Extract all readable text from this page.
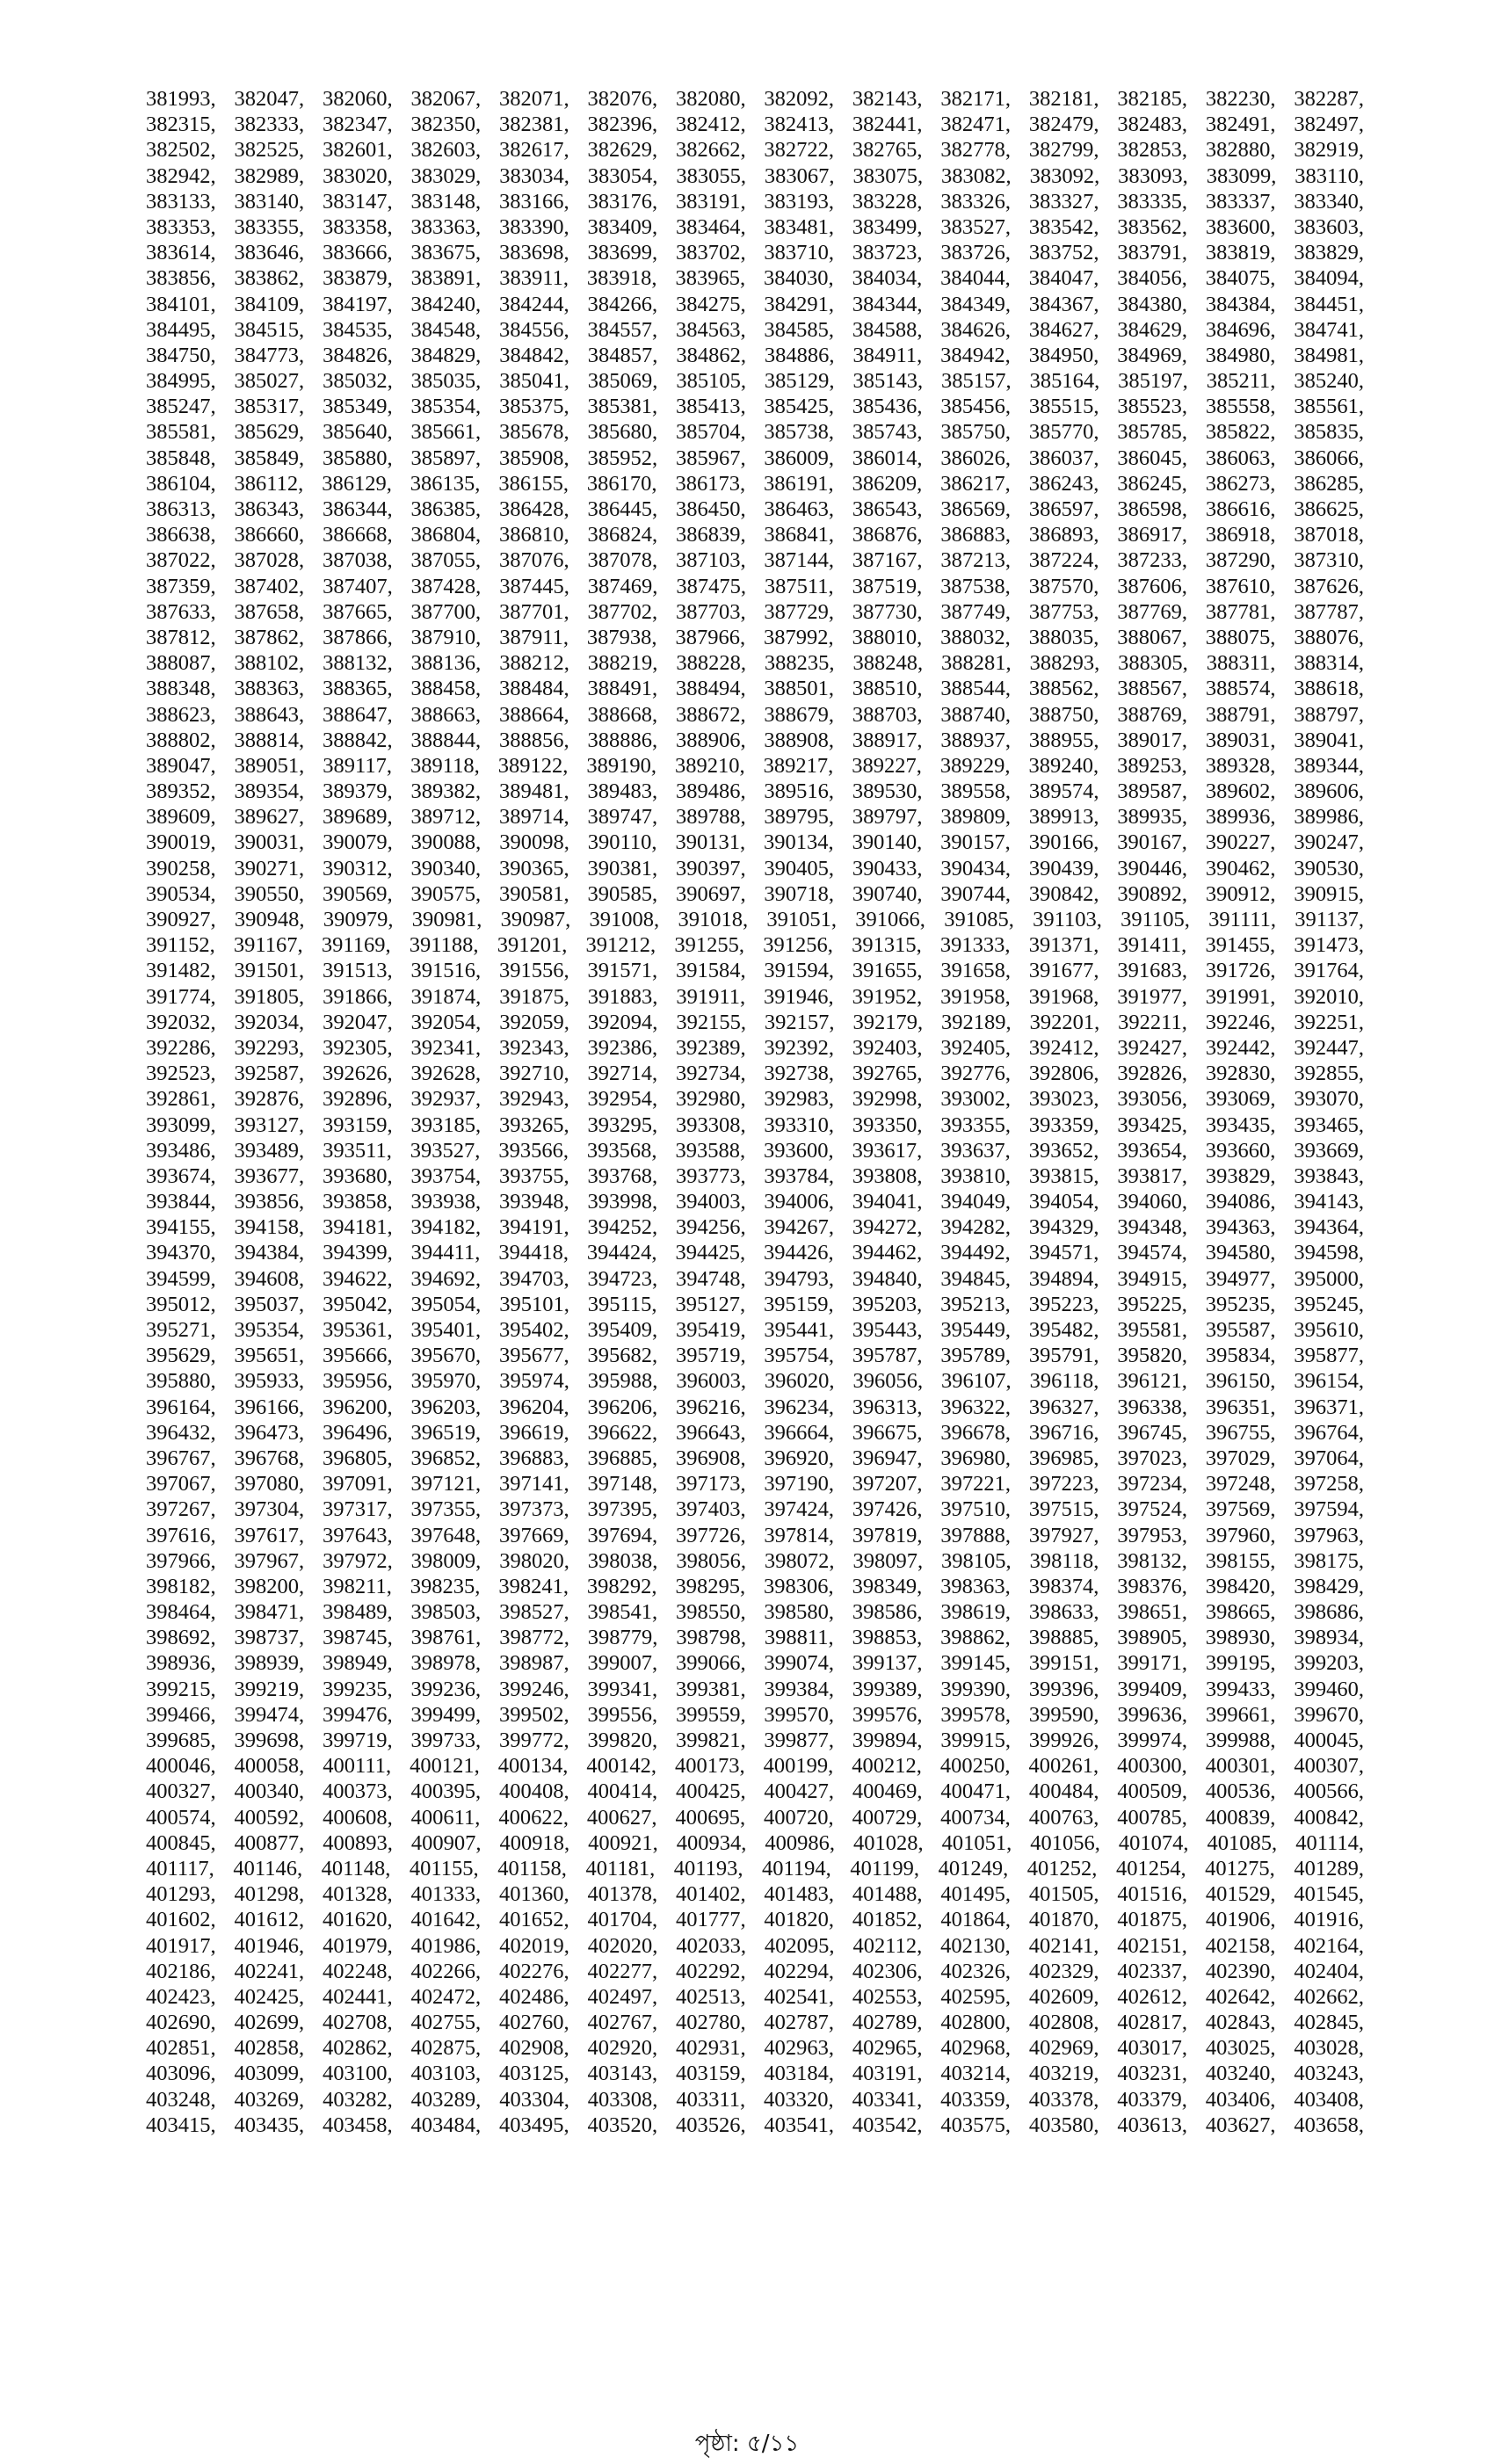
381993, 382047, 382060, 382067, 382071, 382076, 382080, 382092, 382143, 382171, 382181, 382185, 382230, 382287,
382315, 382333, 382347, 382350, 382381, 382396, 382412, 382413, 382441, 382471, 382479, 382483, 382491, 382497,
382502, 382525, 382601, 382603, 382617, 382629, 382662, 382722, 382765, 382778, 382799, 382853, 382880, 382919,
382942, 382989, 383020, 383029, 383034, 383054, 383055, 383067, 383075, 383082, 383092, 383093, 383099, 383110,
383133, 383140, 383147, 383148, 383166, 383176, 383191, 383193, 383228, 383326, 383327, 383335, 383337, 383340,
383353, 383355, 383358, 383363, 383390, 383409, 383464, 383481, 383499, 383527, 383542, 383562, 383600, 383603,
383614, 383646, 383666, 383675, 383698, 383699, 383702, 383710, 383723, 383726, 383752, 383791, 383819, 383829,
383856, 383862, 383879, 383891, 383911, 383918, 383965, 384030, 384034, 384044, 384047, 384056, 384075, 384094,
384101, 384109, 384197, 384240, 384244, 384266, 384275, 384291, 384344, 384349, 384367, 384380, 384384, 384451,
384495, 384515, 384535, 384548, 384556, 384557, 384563, 384585, 384588, 384626, 384627, 384629, 384696, 384741,
384750, 384773, 384826, 384829, 384842, 384857, 384862, 384886, 384911, 384942, 384950, 384969, 384980, 384981,
384995, 385027, 385032, 385035, 385041, 385069, 385105, 385129, 385143, 385157, 385164, 385197, 385211, 385240,
385247, 385317, 385349, 385354, 385375, 385381, 385413, 385425, 385436, 385456, 385515, 385523, 385558, 385561,
385581, 385629, 385640, 385661, 385678, 385680, 385704, 385738, 385743, 385750, 385770, 385785, 385822, 385835,
385848, 385849, 385880, 385897, 385908, 385952, 385967, 386009, 386014, 386026, 386037, 386045, 386063, 386066,
386104, 386112, 386129, 386135, 386155, 386170, 386173, 386191, 386209, 386217, 386243, 386245, 386273, 386285,
386313, 386343, 386344, 386385, 386428, 386445, 386450, 386463, 386543, 386569, 386597, 386598, 386616, 386625,
386638, 386660, 386668, 386804, 386810, 386824, 386839, 386841, 386876, 386883, 386893, 386917, 386918, 387018,
387022, 387028, 387038, 387055, 387076, 387078, 387103, 387144, 387167, 387213, 387224, 387233, 387290, 387310,
387359, 387402, 387407, 387428, 387445, 387469, 387475, 387511, 387519, 387538, 387570, 387606, 387610, 387626,
387633, 387658, 387665, 387700, 387701, 387702, 387703, 387729, 387730, 387749, 387753, 387769, 387781, 387787,
387812, 387862, 387866, 387910, 387911, 387938, 387966, 387992, 388010, 388032, 388035, 388067, 388075, 388076,
388087, 388102, 388132, 388136, 388212, 388219, 388228, 388235, 388248, 388281, 388293, 388305, 388311, 388314,
388348, 388363, 388365, 388458, 388484, 388491, 388494, 388501, 388510, 388544, 388562, 388567, 388574, 388618,
388623, 388643, 388647, 388663, 388664, 388668, 388672, 388679, 388703, 388740, 388750, 388769, 388791, 388797,
388802, 388814, 388842, 388844, 388856, 388886, 388906, 388908, 388917, 388937, 388955, 389017, 389031, 389041,
389047, 389051, 389117, 389118, 389122, 389190, 389210, 389217, 389227, 389229, 389240, 389253, 389328, 389344,
389352, 389354, 389379, 389382, 389481, 389483, 389486, 389516, 389530, 389558, 389574, 389587, 389602, 389606,
389609, 389627, 389689, 389712, 389714, 389747, 389788, 389795, 389797, 389809, 389913, 389935, 389936, 389986,
390019, 390031, 390079, 390088, 390098, 390110, 390131, 390134, 390140, 390157, 390166, 390167, 390227, 390247,
390258, 390271, 390312, 390340, 390365, 390381, 390397, 390405, 390433, 390434, 390439, 390446, 390462, 390530,
390534, 390550, 390569, 390575, 390581, 390585, 390697, 390718, 390740, 390744, 390842, 390892, 390912, 390915,
390927, 390948, 390979, 390981, 390987, 391008, 391018, 391051, 391066, 391085, 391103, 391105, 391111, 391137,
391152, 391167, 391169, 391188, 391201, 391212, 391255, 391256, 391315, 391333, 391371, 391411, 391455, 391473,
391482, 391501, 391513, 391516, 391556, 391571, 391584, 391594, 391655, 391658, 391677, 391683, 391726, 391764,
391774, 391805, 391866, 391874, 391875, 391883, 391911, 391946, 391952, 391958, 391968, 391977, 391991, 392010,
392032, 392034, 392047, 392054, 392059, 392094, 392155, 392157, 392179, 392189, 392201, 392211, 392246, 392251,
392286, 392293, 392305, 392341, 392343, 392386, 392389, 392392, 392403, 392405, 392412, 392427, 392442, 392447,
392523, 392587, 392626, 392628, 392710, 392714, 392734, 392738, 392765, 392776, 392806, 392826, 392830, 392855,
392861, 392876, 392896, 392937, 392943, 392954, 392980, 392983, 392998, 393002, 393023, 393056, 393069, 393070,
393099, 393127, 393159, 393185, 393265, 393295, 393308, 393310, 393350, 393355, 393359, 393425, 393435, 393465,
393486, 393489, 393511, 393527, 393566, 393568, 393588, 393600, 393617, 393637, 393652, 393654, 393660, 393669,
393674, 393677, 393680, 393754, 393755, 393768, 393773, 393784, 393808, 393810, 393815, 393817, 393829, 393843,
393844, 393856, 393858, 393938, 393948, 393998, 394003, 394006, 394041, 394049, 394054, 394060, 394086, 394143,
394155, 394158, 394181, 394182, 394191, 394252, 394256, 394267, 394272, 394282, 394329, 394348, 394363, 394364,
394370, 394384, 394399, 394411, 394418, 394424, 394425, 394426, 394462, 394492, 394571, 394574, 394580, 394598,
394599, 394608, 394622, 394692, 394703, 394723, 394748, 394793, 394840, 394845, 394894, 394915, 394977, 395000,
395012, 395037, 395042, 395054, 395101, 395115, 395127, 395159, 395203, 395213, 395223, 395225, 395235, 395245,
395271, 395354, 395361, 395401, 395402, 395409, 395419, 395441, 395443, 395449, 395482, 395581, 395587, 395610,
395629, 395651, 395666, 395670, 395677, 395682, 395719, 395754, 395787, 395789, 395791, 395820, 395834, 395877,
395880, 395933, 395956, 395970, 395974, 395988, 396003, 396020, 396056, 396107, 396118, 396121, 396150, 396154,
396164, 396166, 396200, 396203, 396204, 396206, 396216, 396234, 396313, 396322, 396327, 396338, 396351, 396371,
396432, 396473, 396496, 396519, 396619, 396622, 396643, 396664, 396675, 396678, 396716, 396745, 396755, 396764,
396767, 396768, 396805, 396852, 396883, 396885, 396908, 396920, 396947, 396980, 396985, 397023, 397029, 397064,
397067, 397080, 397091, 397121, 397141, 397148, 397173, 397190, 397207, 397221, 397223, 397234, 397248, 397258,
397267, 397304, 397317, 397355, 397373, 397395, 397403, 397424, 397426, 397510, 397515, 397524, 397569, 397594,
397616, 397617, 397643, 397648, 397669, 397694, 397726, 397814, 397819, 397888, 397927, 397953, 397960, 397963,
397966, 397967, 397972, 398009, 398020, 398038, 398056, 398072, 398097, 398105, 398118, 398132, 398155, 398175,
398182, 398200, 398211, 398235, 398241, 398292, 398295, 398306, 398349, 398363, 398374, 398376, 398420, 398429,
398464, 398471, 398489, 398503, 398527, 398541, 398550, 398580, 398586, 398619, 398633, 398651, 398665, 398686,
398692, 398737, 398745, 398761, 398772, 398779, 398798, 398811, 398853, 398862, 398885, 398905, 398930, 398934,
398936, 398939, 398949, 398978, 398987, 399007, 399066, 399074, 399137, 399145, 399151, 399171, 399195, 399203,
399215, 399219, 399235, 399236, 399246, 399341, 399381, 399384, 399389, 399390, 399396, 399409, 399433, 399460,
399466, 399474, 399476, 399499, 399502, 399556, 399559, 399570, 399576, 399578, 399590, 399636, 399661, 399670,
399685, 399698, 399719, 399733, 399772, 399820, 399821, 399877, 399894, 399915, 399926, 399974, 399988, 400045,
400046, 400058, 400111, 400121, 400134, 400142, 400173, 400199, 400212, 400250, 400261, 400300, 400301, 400307,
400327, 400340, 400373, 400395, 400408, 400414, 400425, 400427, 400469, 400471, 400484, 400509, 400536, 400566,
400574, 400592, 400608, 400611, 400622, 400627, 400695, 400720, 400729, 400734, 400763, 400785, 400839, 400842,
400845, 400877, 400893, 400907, 400918, 400921, 400934, 400986, 401028, 401051, 401056, 401074, 401085, 401114,
401117, 401146, 401148, 401155, 401158, 401181, 401193, 401194, 401199, 401249, 401252, 401254, 401275, 401289,
401293, 401298, 401328, 401333, 401360, 401378, 401402, 401483, 401488, 401495, 401505, 401516, 401529, 401545,
401602, 401612, 401620, 401642, 401652, 401704, 401777, 401820, 401852, 401864, 401870, 401875, 401906, 401916,
401917, 401946, 401979, 401986, 402019, 402020, 402033, 402095, 402112, 402130, 402141, 402151, 402158, 402164,
402186, 402241, 402248, 402266, 402276, 402277, 402292, 402294, 402306, 402326, 402329, 402337, 402390, 402404,
402423, 402425, 402441, 402472, 402486, 402497, 402513, 402541, 402553, 402595, 402609, 402612, 402642, 402662,
402690, 402699, 402708, 402755, 402760, 402767, 402780, 402787, 402789, 402800, 402808, 402817, 402843, 402845,
402851, 402858, 402862, 402875, 402908, 402920, 402931, 402963, 402965, 402968, 402969, 403017, 403025, 403028,
403096, 403099, 403100, 403103, 403125, 403143, 403159, 403184, 403191, 403214, 403219, 403231, 403240, 403243,
403248, 403269, 403282, 403289, 403304, 403308, 403311, 403320, 403341, 403359, 403378, 403379, 403406, 403408,
403415, 403435, 403458, 403484, 403495, 403520, 403526, 403541, 403542, 403575, 403580, 403613, 403627, 403658,
পৃষ্ঠা: ৫/১১
